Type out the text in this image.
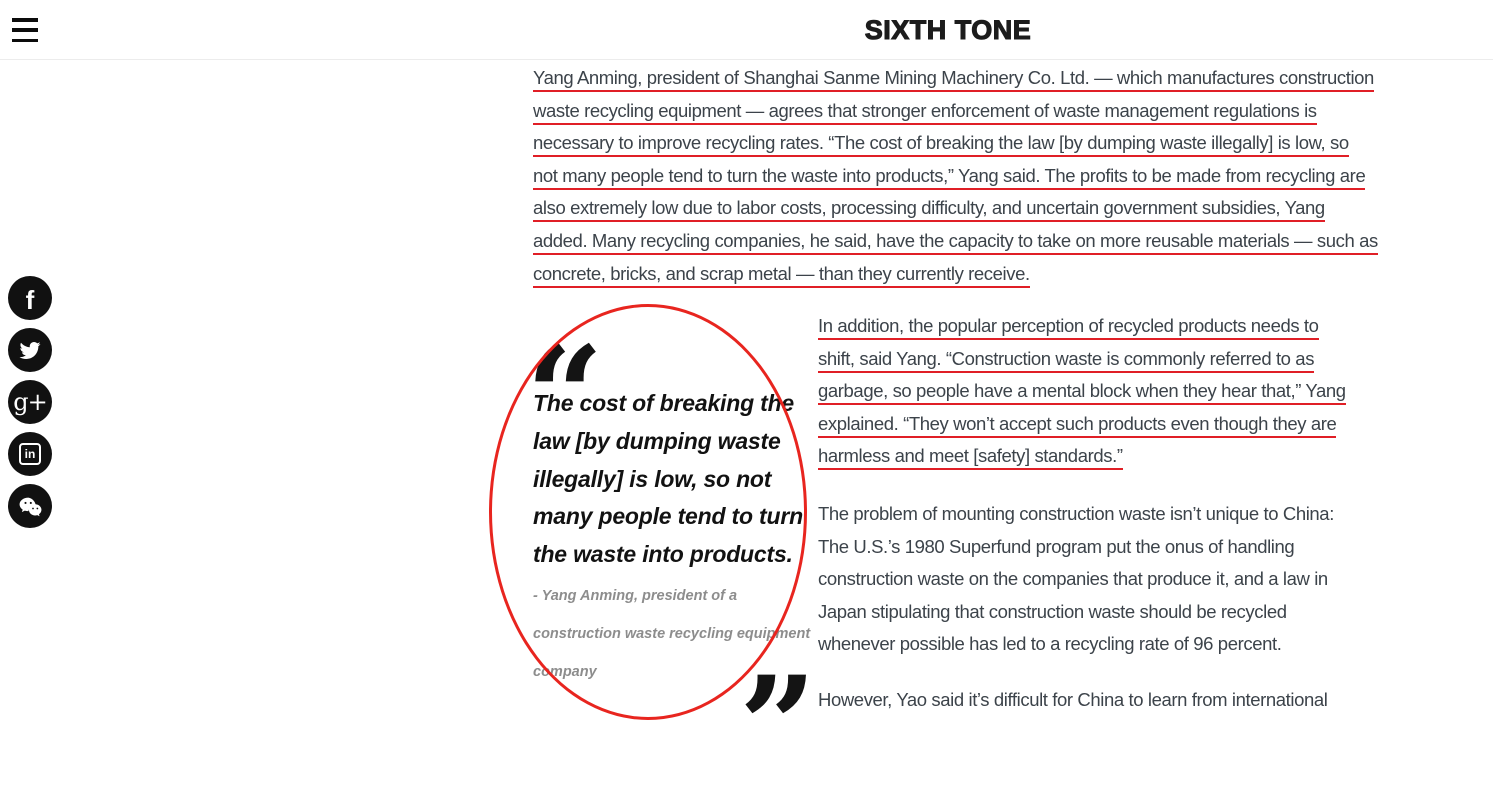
SIXTH TONE
f
g+
in
Yang Anming, president of Shanghai Sanme Mining Machinery Co. Ltd. — which manufactures construction
waste recycling equipment — agrees that stronger enforcement of waste management regulations is
necessary to improve recycling rates. “The cost of breaking the law [by dumping waste illegally] is low, so
not many people tend to turn the waste into products,” Yang said. The profits to be made from recycling are
also extremely low due to labor costs, processing difficulty, and uncertain government subsidies, Yang
added. Many recycling companies, he said, have the capacity to take on more reusable materials — such as
concrete, bricks, and scrap metal — than they currently receive.
“
The cost of breaking the
law [by dumping waste
illegally] is low, so not
many people tend to turn
the waste into products.
- Yang Anming, president of a
construction waste recycling equipment
company	”
In addition, the popular perception of recycled products needs to
shift, said Yang. “Construction waste is commonly referred to as
garbage, so people have a mental block when they hear that,” Yang
explained. “They won’t accept such products even though they are
harmless and meet [safety] standards.”
The problem of mounting construction waste isn’t unique to China:
The U.S.’s 1980 Superfund program put the onus of handling
construction waste on the companies that produce it, and a law in
Japan stipulating that construction waste should be recycled
whenever possible has led to a recycling rate of 96 percent.
However, Yao said it’s difficult for China to learn from international
